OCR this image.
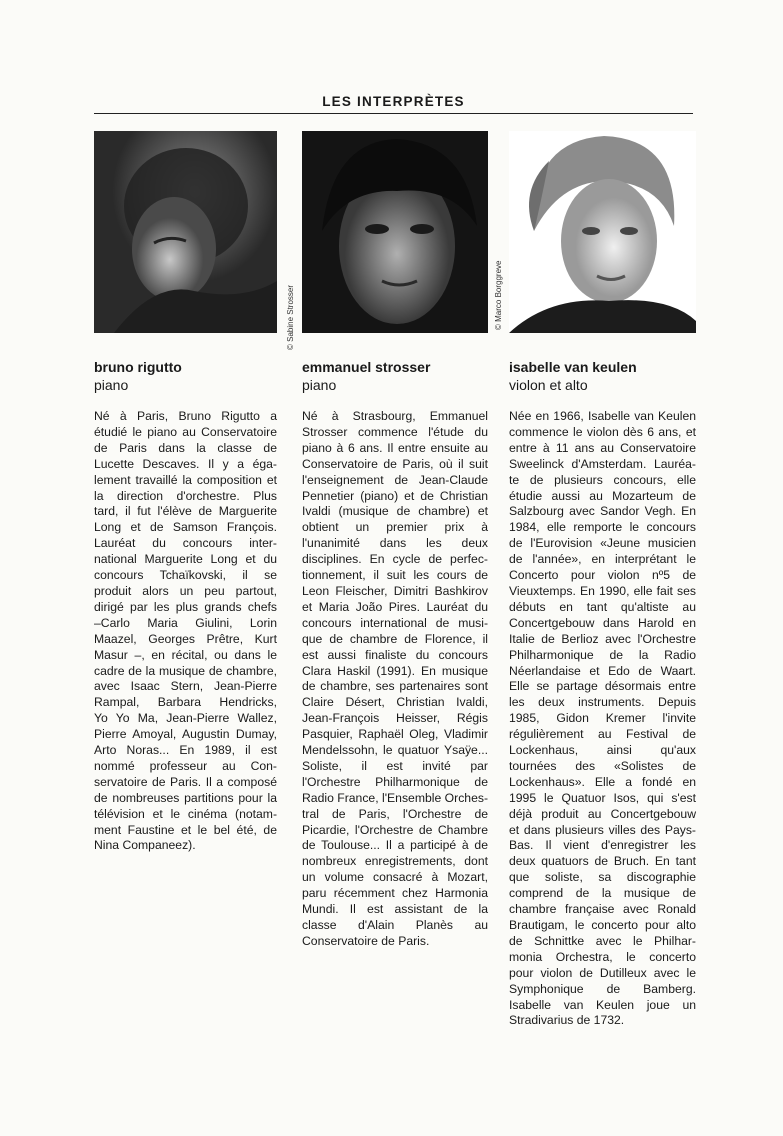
LES INTERPRÈTES
bruno rigutto
piano

Né à Paris, Bruno Rigutto a

étudié le piano au Conservatoire

de Paris dans la classe de

Lucette Descaves. Il y a éga-

lement travaillé la composition et

la direction d'orchestre. Plus

tard, il fut l'élève de Marguerite

Long et de Samson François.

Lauréat du concours inter-

national Marguerite Long et du

concours Tchaïkovski, il se

produit alors un peu partout,

dirigé par les plus grands chefs

–Carlo Maria Giulini, Lorin

Maazel, Georges Prêtre, Kurt

Masur –, en récital, ou dans le

cadre de la musique de chambre,

avec Isaac Stern, Jean-Pierre

Rampal, Barbara Hendricks,

Yo Yo Ma, Jean-Pierre Wallez,

Pierre Amoyal, Augustin Dumay,

Arto Noras... En 1989, il est

nommé professeur au Con-

servatoire de Paris. Il a composé

de nombreuses partitions pour la

télévision et le cinéma (notam-

ment Faustine et le bel été, de

Nina Companeez).

© Sabine Strosser
emmanuel strosser
piano

Né à Strasbourg, Emmanuel

Strosser commence l'étude du

piano à 6 ans. Il entre ensuite au

Conservatoire de Paris, où il suit

l'enseignement de Jean-Claude

Pennetier (piano) et de Christian

Ivaldi (musique de chambre) et

obtient un premier prix à

l'unanimité dans les deux

disciplines. En cycle de perfec-

tionnement, il suit les cours de

Leon Fleischer, Dimitri Bashkirov

et Maria João Pires. Lauréat du

concours international de musi-

que de chambre de Florence, il

est aussi finaliste du concours

Clara Haskil (1991). En musique

de chambre, ses partenaires sont

Claire Désert, Christian Ivaldi,

Jean-François Heisser, Régis

Pasquier, Raphaël Oleg, Vladimir

Mendelssohn, le quatuor Ysaÿe...

Soliste, il est invité par

l'Orchestre Philharmonique de

Radio France, l'Ensemble Orches-

tral de Paris, l'Orchestre de

Picardie, l'Orchestre de Chambre

de Toulouse... Il a participé à de

nombreux enregistrements, dont

un volume consacré à Mozart,

paru récemment chez Harmonia

Mundi. Il est assistant de la

classe d'Alain Planès au

Conservatoire de Paris.

© Marco Borggreve
isabelle van keulen
violon et alto

Née en 1966, Isabelle van Keulen

commence le violon dès 6 ans, et

entre à 11 ans au Conservatoire

Sweelinck d'Amsterdam. Lauréa-

te de plusieurs concours, elle

étudie aussi au Mozarteum de

Salzbourg avec Sandor Vegh. En

1984, elle remporte le concours

de l'Eurovision «Jeune musicien

de l'année», en interprétant le

Concerto pour violon nº5 de

Vieuxtemps. En 1990, elle fait ses

débuts en tant qu'altiste au

Concertgebouw dans Harold en

Italie de Berlioz avec l'Orchestre

Philharmonique de la Radio

Néerlandaise et Edo de Waart.

Elle se partage désormais entre

les deux instruments. Depuis

1985, Gidon Kremer l'invite

régulièrement au Festival de

Lockenhaus, ainsi qu'aux

tournées des «Solistes de

Lockenhaus». Elle a fondé en

1995 le Quatuor Isos, qui s'est

déjà produit au Concertgebouw

et dans plusieurs villes des Pays-

Bas. Il vient d'enregistrer les

deux quatuors de Bruch. En tant

que soliste, sa discographie

comprend de la musique de

chambre française avec Ronald

Brautigam, le concerto pour alto

de Schnittke avec le Philhar-

monia Orchestra, le concerto

pour violon de Dutilleux avec le

Symphonique de Bamberg.

Isabelle van Keulen joue un

Stradivarius de 1732.
